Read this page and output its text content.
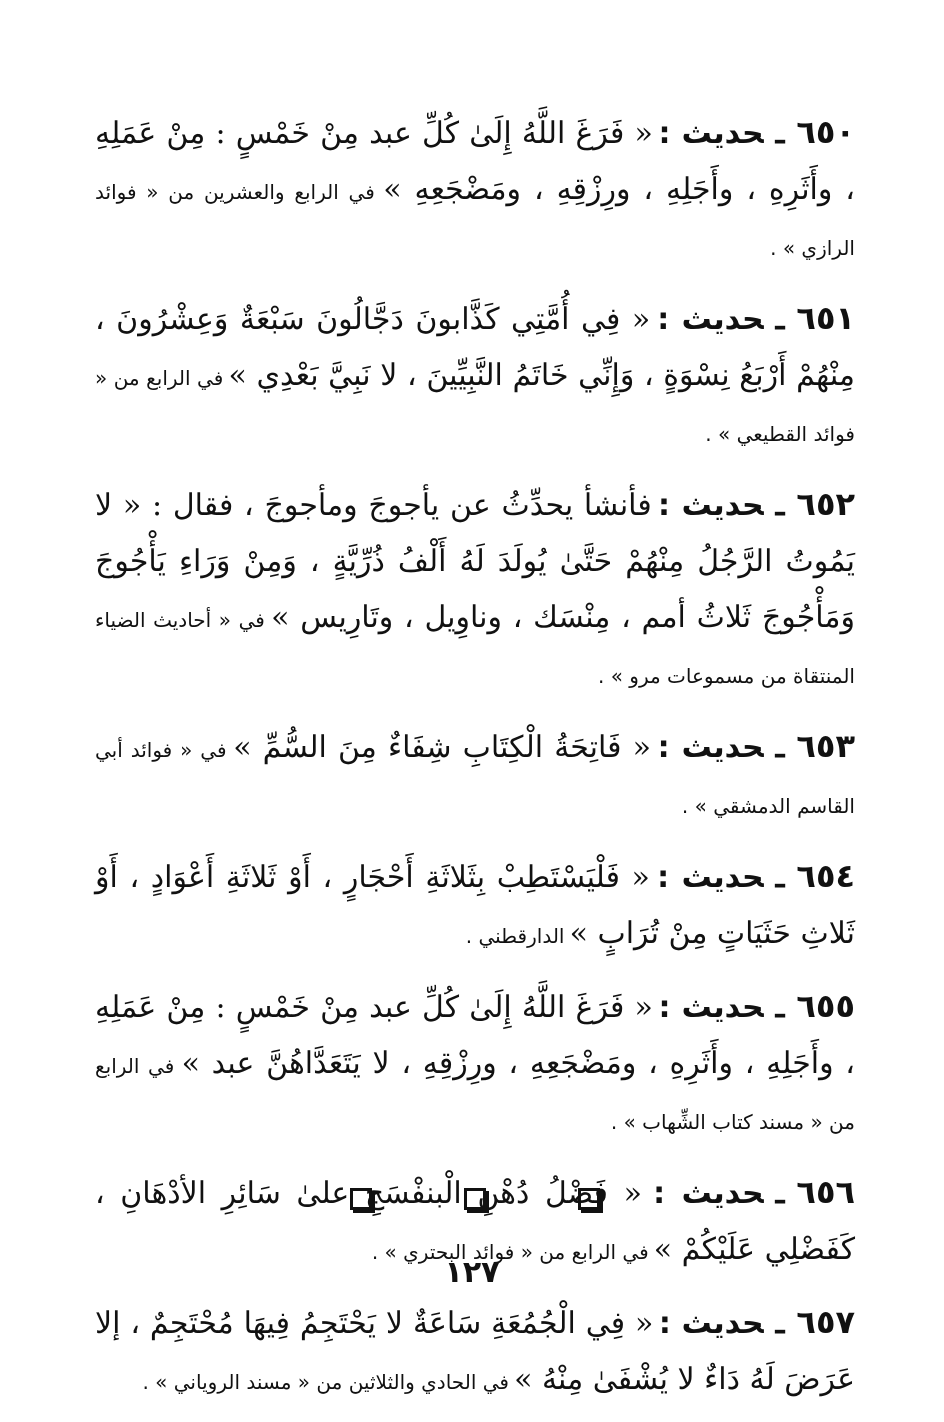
٦٥٠ـحديث : « فَرَغَ اللَّهُ إِلَىٰ كُلِّ عبد مِنْ خَمْسٍ : مِنْ عَمَلِهِ ، وأَثَرِهِ ، وأَجَلِهِ ، ورِزْقِهِ ، ومَضْجَعِهِ » في الرابع والعشرين من « فوائد الرازي » .

٦٥١ـحديث : « فِي أُمَّتِي كَذَّابونَ دَجَّالُونَ سَبْعَةٌ وَعِشْرُونَ ، مِنْهُمْ أَرْبَعُ نِسْوَةٍ ، وَإِنِّي خَاتَمُ النَّبِيِّينَ ، لا نَبِيَّ بَعْدِي » في الرابع من « فوائد القطيعي » .

٦٥٢ـحديث : فأنشأ يحدِّثُ عن يأجوجَ ومأجوجَ ، فقال : « لا يَمُوتُ الرَّجُلُ مِنْهُمْ حَتَّىٰ يُولَدَ لَهُ أَلْفُ ذُرِّيَّةٍ ، وَمِنْ وَرَاءِ يَأْجُوجَ وَمَأْجُوجَ ثَلاثُ أمم ، مِنْسَك ، وناوِيل ، وتَارِيس » في « أحاديث الضياء المنتقاة من مسموعات مرو » .

٦٥٣ـحديث : « فَاتِحَةُ الْكِتَابِ شِفَاءٌ مِنَ السُّمِّ » في « فوائد أبي القاسم الدمشقي » .

٦٥٤ـحديث : « فَلْيَسْتَطِبْ بِثَلاثَةِ أَحْجَارٍ ، أَوْ ثَلاثَةِ أَعْوَادٍ ، أَوْ ثَلاثِ حَثَيَاتٍ مِنْ تُرَابٍ » الدارقطني .

٦٥٥ـحديث : « فَرَغَ اللَّهُ إِلَىٰ كُلِّ عبد مِنْ خَمْسٍ : مِنْ عَمَلِهِ ، وأَجَلِهِ ، وأَثَرِهِ ، ومَضْجَعِهِ ، ورِزْقِهِ ، لا يَتَعَدَّاهُنَّ عبد » في الرابع من « مسند كتاب الشِّهاب » .

٦٥٦ـحديث : « فَضْلُ دُهْنِ الْبنفْسَجِ علىٰ سَائِرِ الأدْهَانِ ، كَفَضْلِي عَلَيْكُمْ » في الرابع من « فوائد البحتري » .

٦٥٧ـحديث : « فِي الْجُمُعَةِ سَاعَةٌ لا يَحْتَجِمُ فِيهَا مُحْتَجِمٌ ، إلا عَرَضَ لَهُ دَاءٌ لا يُشْفَىٰ مِنْهُ » في الحادي والثلاثين من « مسند الروياني » .

١٢٧
